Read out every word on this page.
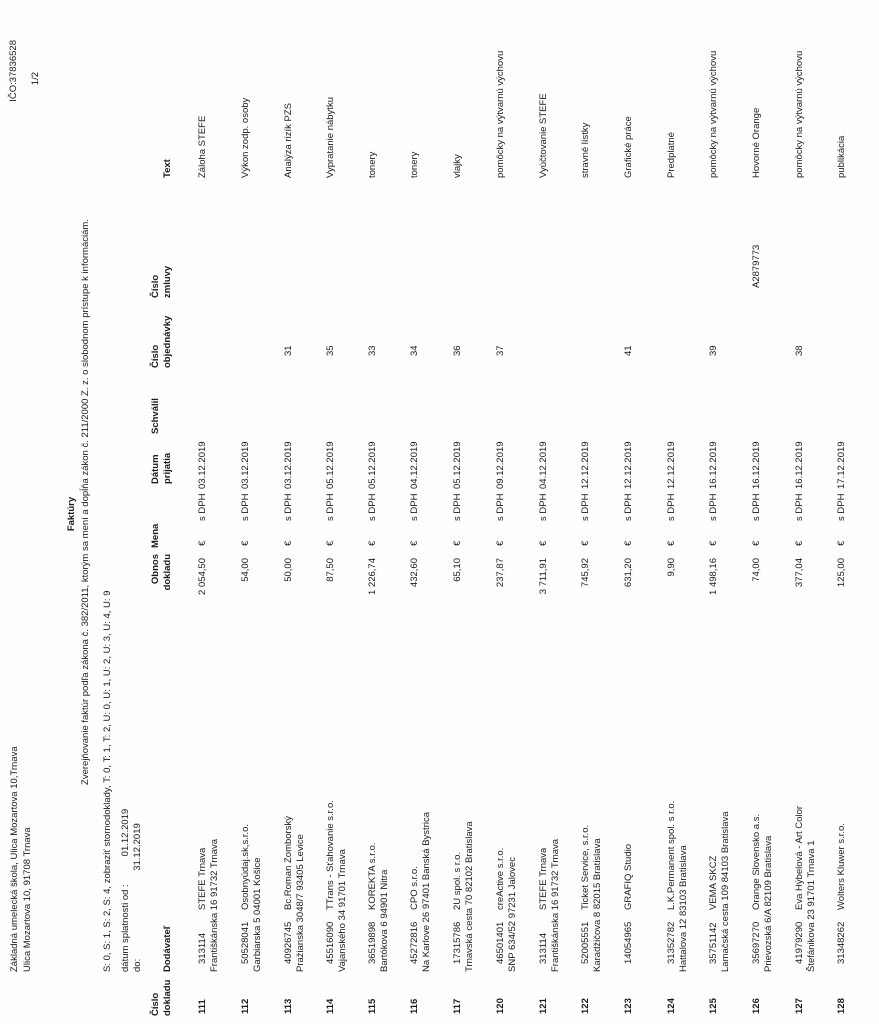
Základná umelecká škola, Ulica Mozartova 10,Trnava Ulica Mozartova 10, 91708 Trnava
IČO:37836528 1/2
Faktúry Zverejňovanie faktúr podľa zákona č. 382/2011, ktorým sa mení a dopĺňa zákon č. 211/2000 Z. z. o slobodnom prístupe k informáciám. S: 0, S: 1, S: 2, S: 4, zobraziť stornodoklady, T: 0, T: 1, T: 2, U: 0, U: 1, U: 2, U: 3, U: 4, U: 9 dátum splatnosti od :01.12.2019
do:31.12.2019
Číslo dokladu
Dodávateľ
Obnos dokladu
Mena
Dátum prijatia
Schválil
Číslo objednávky
Číslo zmluvy
Text
111
313114
STEFE Trnava Františkánska 16 91732 Trnava
2 054,50
€
s DPH
03.12.2019
Záloha STEFE
112
50528041
Osobnyúdaj.sk,s.r.o. Garbiarska 5 04001 Košice
54,00
€
s DPH
03.12.2019
Výkon zodp. osoby
113
40926745
Bc.Roman Zomborský Pražianska 3048/7 93405 Levice
50,00
€
s DPH
03.12.2019
31
Analýza rizík PZS
114
45516090
TTrans - Sťahovanie s.r.o. Vajanského 34 91701 Trnava
87,50
€
s DPH
05.12.2019
35
Vypratanie nábytku
115
36519898
KOREKTA s.r.o. Bartókova 6 94901 Nitra
1 226,74
€
s DPH
05.12.2019
33
tonery
116
45272816
CPO s.r.o. Na Karlove 26 97401 Banská Bystrica
432,60
€
s DPH
04.12.2019
34
tonery
117
17315786
2U spol. s r.o. Trnavská cesta 70 82102 Bratislava
65,10
€
s DPH
05.12.2019
36
vlajky
120
46501401
creActive s.r.o. SNP 634/52 97231 Jalovec
237,87
€
s DPH
09.12.2019
37
pomôcky na výtvarnú výchovu
121
313114
STEFE Trnava Františkánska 16 91732 Trnava
3 711,91
€
s DPH
04.12.2019
Vyúčtovanie STEFE
122
52005551
Ticket Service, s.r.o. Karadžičova 8 82015 Bratislava
745,92
€
s DPH
12.12.2019
stravné lístky
123
14054965
GRAFIQ Studio
631,20
€
s DPH
12.12.2019
41
Grafické práce
124
31352782
L.K.Permanent spol. s r.o. Hattalova 12 83103 Bratislava
9,90
€
s DPH
12.12.2019
Predplatné
125
35751142
VEMA SKCZ Lamačská cesta 109 84103 Bratislava
1 498,16
€
s DPH
16.12.2019
39
pomôcky na výtvarnú výchovu
126
35697270
Orange Slovensko a.s. Prievozská 6/A 82109 Bratislava
74,00
€
s DPH
16.12.2019
A2879773
Hovorné Orange
127
41979290
Eva Hýbelová - Art Color Štefánikova 23 91701 Trnava 1
377,04
€
s DPH
16.12.2019
38
pomôcky na výtvarnú výchovu
128
31348262
Wolters Kluwer s.r.o.
125,00
€
s DPH
17.12.2019
publikácia
